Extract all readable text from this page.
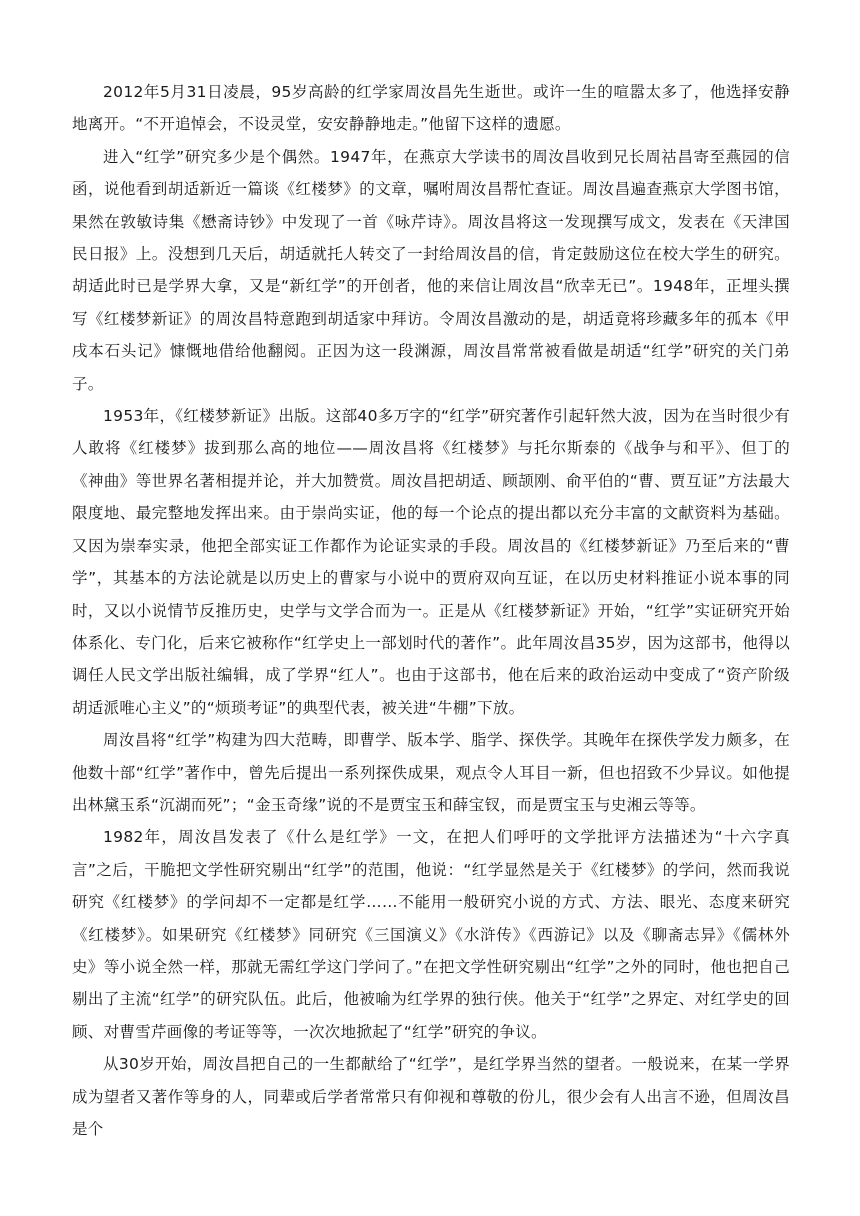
2012年5月31日凌晨，95岁高龄的红学家周汝昌先生逝世。或许一生的喧嚣太多了，他选择安静地离开。“不开追悼会，不设灵堂，安安静静地走。”他留下这样的遗愿。

进入“红学”研究多少是个偶然。1947年，在燕京大学读书的周汝昌收到兄长周祜昌寄至燕园的信函，说他看到胡适新近一篇谈《红楼梦》的文章，嘱咐周汝昌帮忙查证。周汝昌遍查燕京大学图书馆，果然在敦敏诗集《懋斋诗钞》中发现了一首《咏芹诗》。周汝昌将这一发现撰写成文，发表在《天津国民日报》上。没想到几天后，胡适就托人转交了一封给周汝昌的信，肯定鼓励这位在校大学生的研究。胡适此时已是学界大拿，又是“新红学”的开创者，他的来信让周汝昌“欣幸无已”。1948年，正埋头撰写《红楼梦新证》的周汝昌特意跑到胡适家中拜访。令周汝昌激动的是，胡适竟将珍藏多年的孤本《甲戌本石头记》慷慨地借给他翻阅。正因为这一段渊源，周汝昌常常被看做是胡适“红学”研究的关门弟子。

1953年，《红楼梦新证》出版。这部40多万字的“红学”研究著作引起轩然大波，因为在当时很少有人敢将《红楼梦》拔到那么高的地位——周汝昌将《红楼梦》与托尔斯泰的《战争与和平》、但丁的《神曲》等世界名著相提并论，并大加赞赏。周汝昌把胡适、顾颉刚、俞平伯的“曹、贾互证”方法最大限度地、最完整地发挥出来。由于崇尚实证，他的每一个论点的提出都以充分丰富的文献资料为基础。又因为崇奉实录，他把全部实证工作都作为论证实录的手段。周汝昌的《红楼梦新证》乃至后来的“曹学”，其基本的方法论就是以历史上的曹家与小说中的贾府双向互证，在以历史材料推证小说本事的同时，又以小说情节反推历史，史学与文学合而为一。正是从《红楼梦新证》开始，“红学”实证研究开始体系化、专门化，后来它被称作“红学史上一部划时代的著作”。此年周汝昌35岁，因为这部书，他得以调任人民文学出版社编辑，成了学界“红人”。也由于这部书，他在后来的政治运动中变成了“资产阶级胡适派唯心主义”的“烦琐考证”的典型代表，被关进“牛棚”下放。

周汝昌将“红学”构建为四大范畴，即曹学、版本学、脂学、探佚学。其晚年在探佚学发力颇多，在他数十部“红学”著作中，曾先后提出一系列探佚成果，观点令人耳目一新，但也招致不少异议。如他提出林黛玉系“沉湖而死”；“金玉奇缘”说的不是贾宝玉和薛宝钗，而是贾宝玉与史湘云等等。

1982年，周汝昌发表了《什么是红学》一文，在把人们呼吁的文学批评方法描述为“十六字真言”之后，干脆把文学性研究剔出“红学”的范围，他说：“红学显然是关于《红楼梦》的学问，然而我说研究《红楼梦》的学问却不一定都是红学……不能用一般研究小说的方式、方法、眼光、态度来研究《红楼梦》。如果研究《红楼梦》同研究《三国演义》《水浒传》《西游记》以及《聊斋志异》《儒林外史》等小说全然一样，那就无需红学这门学问了。”在把文学性研究剔出“红学”之外的同时，他也把自己剔出了主流“红学”的研究队伍。此后，他被喻为红学界的独行侠。他关于“红学”之界定、对红学史的回顾、对曹雪芹画像的考证等等，一次次地掀起了“红学”研究的争议。

从30岁开始，周汝昌把自己的一生都献给了“红学”，是红学界当然的望者。一般说来，在某一学界成为望者又著作等身的人，同辈或后学者常常只有仰视和尊敬的份儿，很少会有人出言不逊，但周汝昌是个
